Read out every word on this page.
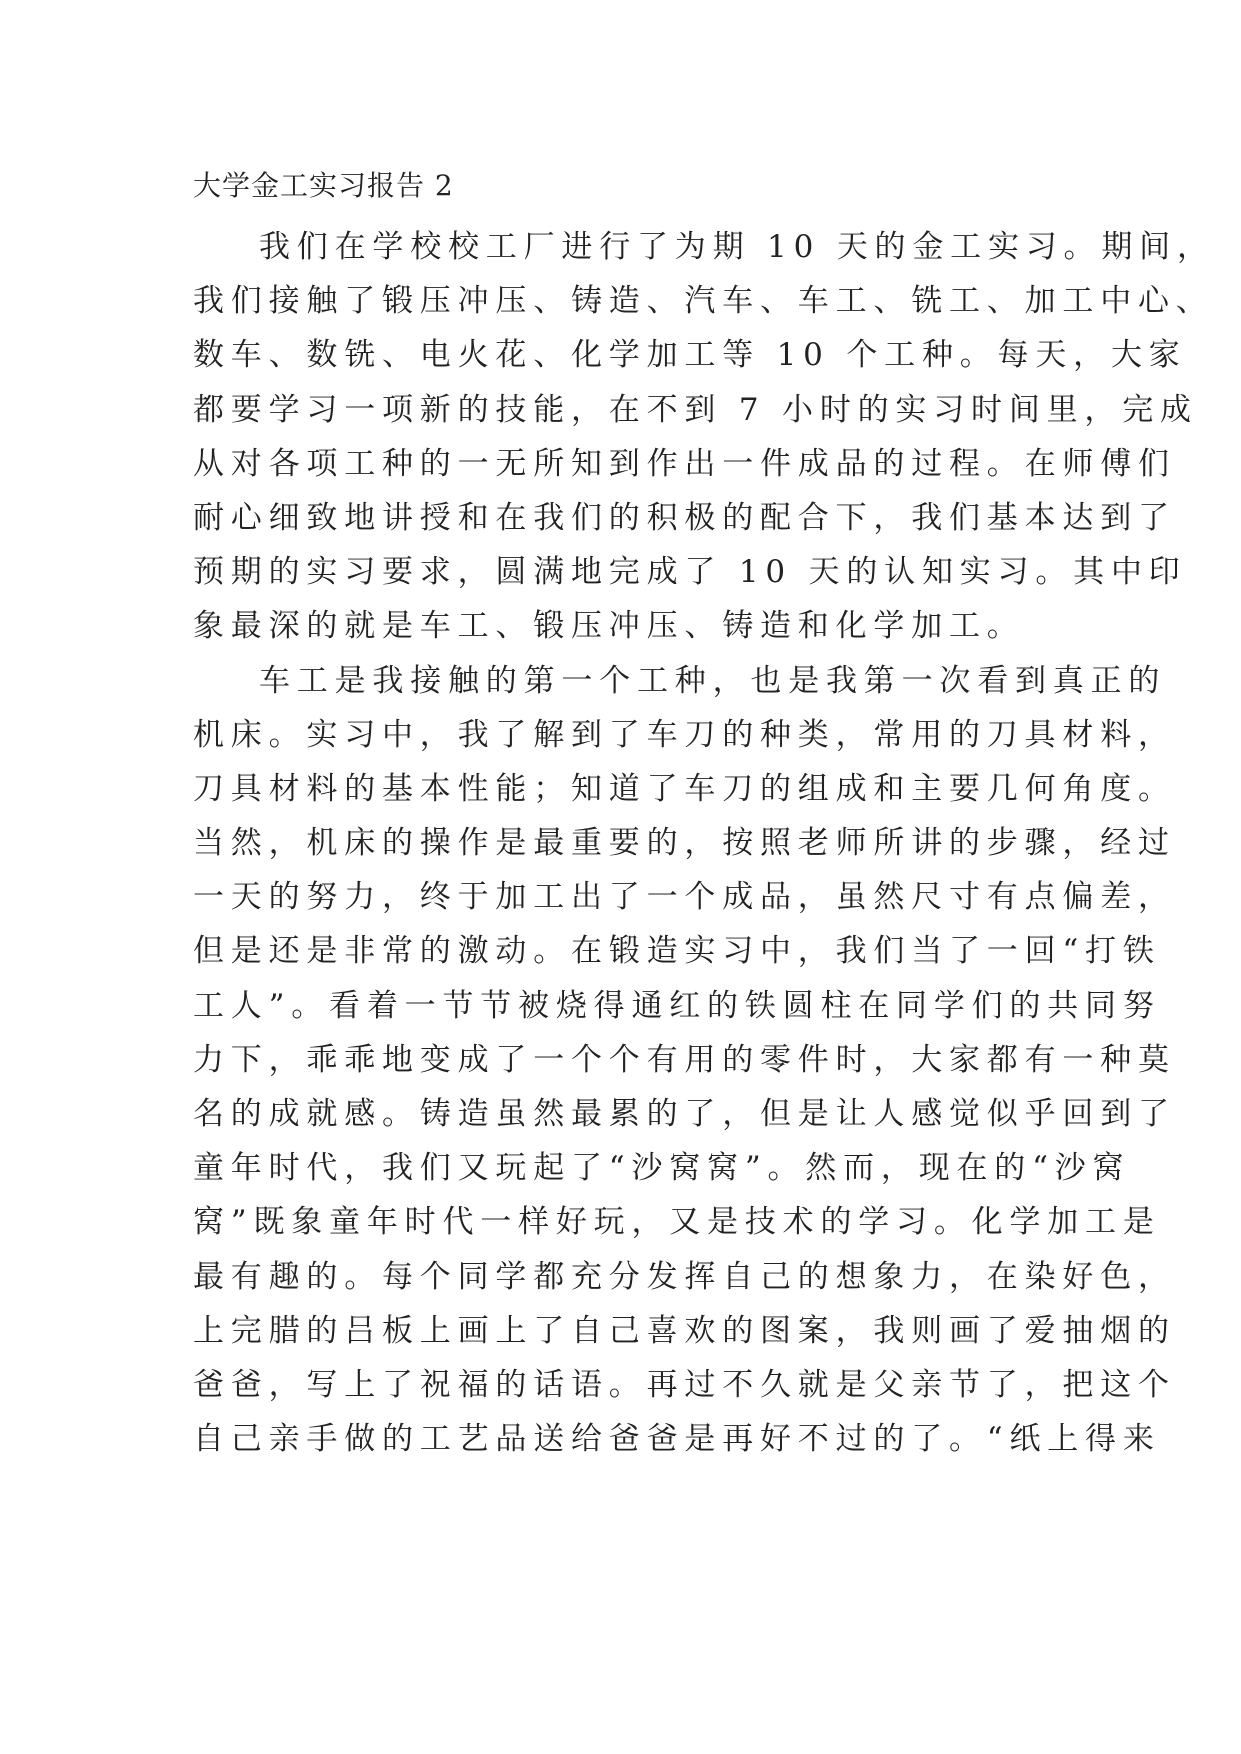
大学金工实习报告 2
我们在学校校工厂进行了为期 10 天的金工实习。期间，
我们接触了锻压冲压、铸造、汽车、车工、铣工、加工中心、
数车、数铣、电火花、化学加工等 10 个工种。每天，大家
都要学习一项新的技能，在不到 7 小时的实习时间里，完成
从对各项工种的一无所知到作出一件成品的过程。在师傅们
耐心细致地讲授和在我们的积极的配合下，我们基本达到了
预期的实习要求，圆满地完成了 10 天的认知实习。其中印
象最深的就是车工、锻压冲压、铸造和化学加工。
车工是我接触的第一个工种，也是我第一次看到真正的
机床。实习中，我了解到了车刀的种类，常用的刀具材料，
刀具材料的基本性能；知道了车刀的组成和主要几何角度。
当然，机床的操作是最重要的，按照老师所讲的步骤，经过
一天的努力，终于加工出了一个成品，虽然尺寸有点偏差，
但是还是非常的激动。在锻造实习中，我们当了一回“打铁
工人”。看着一节节被烧得通红的铁圆柱在同学们的共同努
力下，乖乖地变成了一个个有用的零件时，大家都有一种莫
名的成就感。铸造虽然最累的了，但是让人感觉似乎回到了
童年时代，我们又玩起了“沙窝窝”。然而，现在的“沙窝
窝”既象童年时代一样好玩，又是技术的学习。化学加工是
最有趣的。每个同学都充分发挥自己的想象力，在染好色，
上完腊的吕板上画上了自己喜欢的图案，我则画了爱抽烟的
爸爸，写上了祝福的话语。再过不久就是父亲节了，把这个
自己亲手做的工艺品送给爸爸是再好不过的了。“纸上得来
